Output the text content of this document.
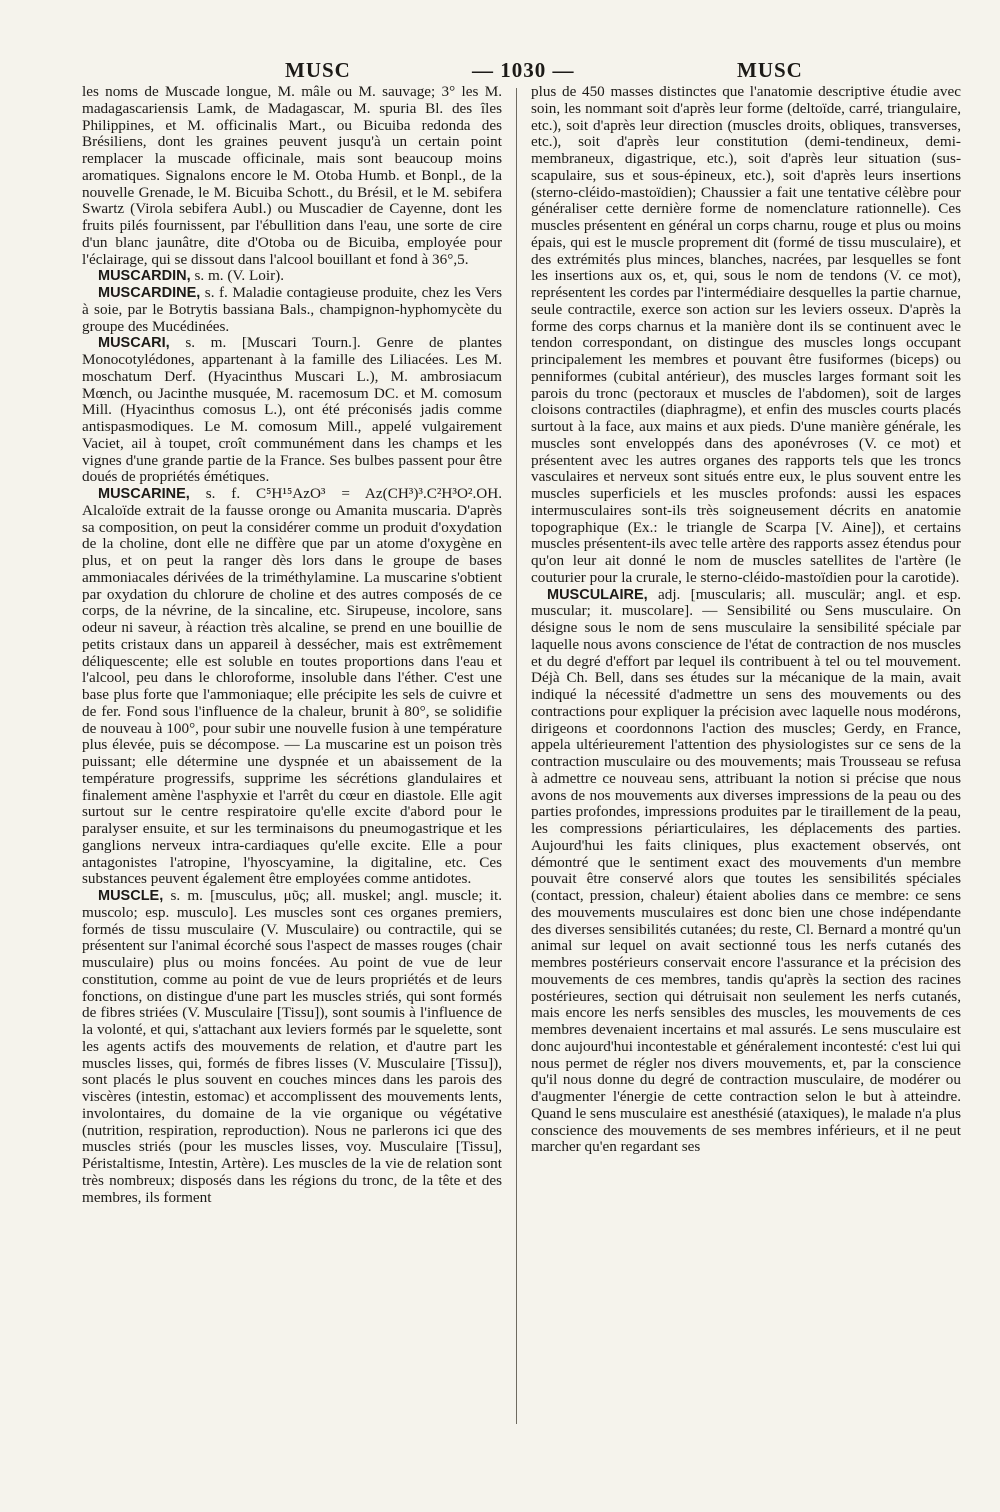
MUSC	— 1030 —	MUSC

les noms de Muscade longue, M. mâle ou M. sauvage; 3° les M. madagascariensis Lamk, de Madagascar, M. spuria Bl. des îles Philippines, et M. officinalis Mart., ou Bicuiba redonda des Brésiliens, dont les graines peuvent jusqu'à un certain point remplacer la muscade officinale, mais sont beaucoup moins aromatiques. Signalons encore le M. Otoba Humb. et Bonpl., de la nouvelle Grenade, le M. Bicuiba Schott., du Brésil, et le M. sebifera Swartz (Virola sebifera Aubl.) ou Muscadier de Cayenne, dont les fruits pilés fournissent, par l'ébullition dans l'eau, une sorte de cire d'un blanc jaunâtre, dite d'Otoba ou de Bicuiba, employée pour l'éclairage, qui se dissout dans l'alcool bouillant et fond à 36°,5.

MUSCARDIN, s. m. (V. Loir).

MUSCARDINE, s. f. Maladie contagieuse produite, chez les Vers à soie, par le Botrytis bassiana Bals., champignon-hyphomycète du groupe des Mucédinées.

MUSCARI, s. m. [Muscari Tourn.]. Genre de plantes Monocotylédones, appartenant à la famille des Liliacées. Les M. moschatum Derf. (Hyacinthus Muscari L.), M. ambrosiacum Mœnch, ou Jacinthe musquée, M. racemosum DC. et M. comosum Mill. (Hyacinthus comosus L.), ont été préconisés jadis comme antispasmodiques. Le M. comosum Mill., appelé vulgairement Vaciet, ail à toupet, croît communément dans les champs et les vignes d'une grande partie de la France. Ses bulbes passent pour être doués de propriétés émétiques.

MUSCARINE, s. f. C⁵H¹⁵AzO³ = Az(CH³)³.C²H³O².OH. Alcaloïde extrait de la fausse oronge ou Amanita muscaria. D'après sa composition, on peut la considérer comme un produit d'oxydation de la choline, dont elle ne diffère que par un atome d'oxygène en plus, et on peut la ranger dès lors dans le groupe de bases ammoniacales dérivées de la triméthylamine. La muscarine s'obtient par oxydation du chlorure de choline et des autres composés de ce corps, de la névrine, de la sincaline, etc. Sirupeuse, incolore, sans odeur ni saveur, à réaction très alcaline, se prend en une bouillie de petits cristaux dans un appareil à dessécher, mais est extrêmement déliquescente; elle est soluble en toutes proportions dans l'eau et l'alcool, peu dans le chloroforme, insoluble dans l'éther. C'est une base plus forte que l'ammoniaque; elle précipite les sels de cuivre et de fer. Fond sous l'influence de la chaleur, brunit à 80°, se solidifie de nouveau à 100°, pour subir une nouvelle fusion à une température plus élevée, puis se décompose. — La muscarine est un poison très puissant; elle détermine une dyspnée et un abaissement de la température progressifs, supprime les sécrétions glandulaires et finalement amène l'asphyxie et l'arrêt du cœur en diastole. Elle agit surtout sur le centre respiratoire qu'elle excite d'abord pour le paralyser ensuite, et sur les terminaisons du pneumogastrique et les ganglions nerveux intra-cardiaques qu'elle excite. Elle a pour antagonistes l'atropine, l'hyoscyamine, la digitaline, etc. Ces substances peuvent également être employées comme antidotes.

MUSCLE, s. m. [musculus, μῦς; all. muskel; angl. muscle; it. muscolo; esp. musculo]. Les muscles sont ces organes premiers, formés de tissu musculaire (V. Musculaire) ou contractile, qui se présentent sur l'animal écorché sous l'aspect de masses rouges (chair musculaire) plus ou moins foncées. Au point de vue de leur constitution, comme au point de vue de leurs propriétés et de leurs fonctions, on distingue d'une part les muscles striés, qui sont formés de fibres striées (V. Musculaire [Tissu]), sont soumis à l'influence de la volonté, et qui, s'attachant aux leviers formés par le squelette, sont les agents actifs des mouvements de relation, et d'autre part les muscles lisses, qui, formés de fibres lisses (V. Musculaire [Tissu]), sont placés le plus souvent en couches minces dans les parois des viscères (intestin, estomac) et accomplissent des mouvements lents, involontaires, du domaine de la vie organique ou végétative (nutrition, respiration, reproduction). Nous ne parlerons ici que des muscles striés (pour les muscles lisses, voy. Musculaire [Tissu], Péristaltisme, Intestin, Artère). Les muscles de la vie de relation sont très nombreux; disposés dans les régions du tronc, de la tête et des membres, ils forment

plus de 450 masses distinctes que l'anatomie descriptive étudie avec soin, les nommant soit d'après leur forme (deltoïde, carré, triangulaire, etc.), soit d'après leur direction (muscles droits, obliques, transverses, etc.), soit d'après leur constitution (demi-tendineux, demi-membraneux, digastrique, etc.), soit d'après leur situation (sus-scapulaire, sus et sous-épineux, etc.), soit d'après leurs insertions (sterno-cléido-mastoïdien); Chaussier a fait une tentative célèbre pour généraliser cette dernière forme de nomenclature rationnelle). Ces muscles présentent en général un corps charnu, rouge et plus ou moins épais, qui est le muscle proprement dit (formé de tissu musculaire), et des extrémités plus minces, blanches, nacrées, par lesquelles se font les insertions aux os, et, qui, sous le nom de tendons (V. ce mot), représentent les cordes par l'intermédiaire desquelles la partie charnue, seule contractile, exerce son action sur les leviers osseux. D'après la forme des corps charnus et la manière dont ils se continuent avec le tendon correspondant, on distingue des muscles longs occupant principalement les membres et pouvant être fusiformes (biceps) ou penniformes (cubital antérieur), des muscles larges formant soit les parois du tronc (pectoraux et muscles de l'abdomen), soit de larges cloisons contractiles (diaphragme), et enfin des muscles courts placés surtout à la face, aux mains et aux pieds. D'une manière générale, les muscles sont enveloppés dans des aponévroses (V. ce mot) et présentent avec les autres organes des rapports tels que les troncs vasculaires et nerveux sont situés entre eux, le plus souvent entre les muscles superficiels et les muscles profonds: aussi les espaces intermusculaires sont-ils très soigneusement décrits en anatomie topographique (Ex.: le triangle de Scarpa [V. Aine]), et certains muscles présentent-ils avec telle artère des rapports assez étendus pour qu'on leur ait donné le nom de muscles satellites de l'artère (le couturier pour la crurale, le sterno-cléido-mastoïdien pour la carotide).

MUSCULAIRE, adj. [muscularis; all. musculär; angl. et esp. muscular; it. muscolare]. — Sensibilité ou Sens musculaire. On désigne sous le nom de sens musculaire la sensibilité spéciale par laquelle nous avons conscience de l'état de contraction de nos muscles et du degré d'effort par lequel ils contribuent à tel ou tel mouvement. Déjà Ch. Bell, dans ses études sur la mécanique de la main, avait indiqué la nécessité d'admettre un sens des mouvements ou des contractions pour expliquer la précision avec laquelle nous modérons, dirigeons et coordonnons l'action des muscles; Gerdy, en France, appela ultérieurement l'attention des physiologistes sur ce sens de la contraction musculaire ou des mouvements; mais Trousseau se refusa à admettre ce nouveau sens, attribuant la notion si précise que nous avons de nos mouvements aux diverses impressions de la peau ou des parties profondes, impressions produites par le tiraillement de la peau, les compressions périarticulaires, les déplacements des parties. Aujourd'hui les faits cliniques, plus exactement observés, ont démontré que le sentiment exact des mouvements d'un membre pouvait être conservé alors que toutes les sensibilités spéciales (contact, pression, chaleur) étaient abolies dans ce membre: ce sens des mouvements musculaires est donc bien une chose indépendante des diverses sensibilités cutanées; du reste, Cl. Bernard a montré qu'un animal sur lequel on avait sectionné tous les nerfs cutanés des membres postérieurs conservait encore l'assurance et la précision des mouvements de ces membres, tandis qu'après la section des racines postérieures, section qui détruisait non seulement les nerfs cutanés, mais encore les nerfs sensibles des muscles, les mouvements de ces membres devenaient incertains et mal assurés. Le sens musculaire est donc aujourd'hui incontestable et généralement incontesté: c'est lui qui nous permet de régler nos divers mouvements, et, par la conscience qu'il nous donne du degré de contraction musculaire, de modérer ou d'augmenter l'énergie de cette contraction selon le but à atteindre. Quand le sens musculaire est anesthésié (ataxiques), le malade n'a plus conscience des mouvements de ses membres inférieurs, et il ne peut marcher qu'en regardant ses
